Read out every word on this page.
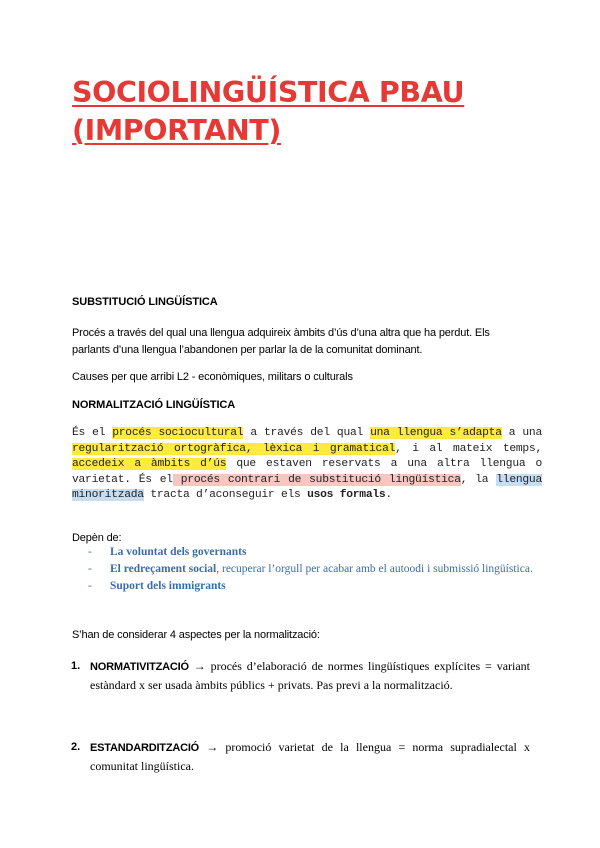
SOCIOLINGÜÍSTICA PBAU (IMPORTANT)
SUBSTITUCIÓ LINGÜÍSTICA

Procés a través del qual una llengua adquireix àmbits d’ús d’una altra que ha perdut. Els parlants d’una llengua l’abandonen per parlar la de la comunitat dominant.

Causes per que arribi L2 - econòmiques, militars o culturals

NORMALITZACIÓ LINGÜÍSTICA

És el procés sociocultural a través del qual una llengua s’adapta a una regularització ortogràfica, lèxica i gramatical, i al mateix temps, accedeix a àmbits d’ús que estaven reservats a una altra llengua o varietat. És el procés contrari de substitució lingüística, la llengua minoritzada tracta d’aconseguir els usos formals.

Depèn de:

- La voluntat dels governants
- El redreçament social, recuperar l’orgull per acabar amb el autoodi i submissió lingüística.
- Suport dels immigrants

S’han de considerar 4 aspectes per la normalització:

1. NORMATIVITZACIÓ → procés d’elaboració de normes lingüístiques explícites = variant estàndard x ser usada àmbits públics + privats. Pas previ a la normalització.

2. ESTANDARDITZACIÓ → promoció varietat de la llengua = norma supradialectal x comunitat lingüística.
